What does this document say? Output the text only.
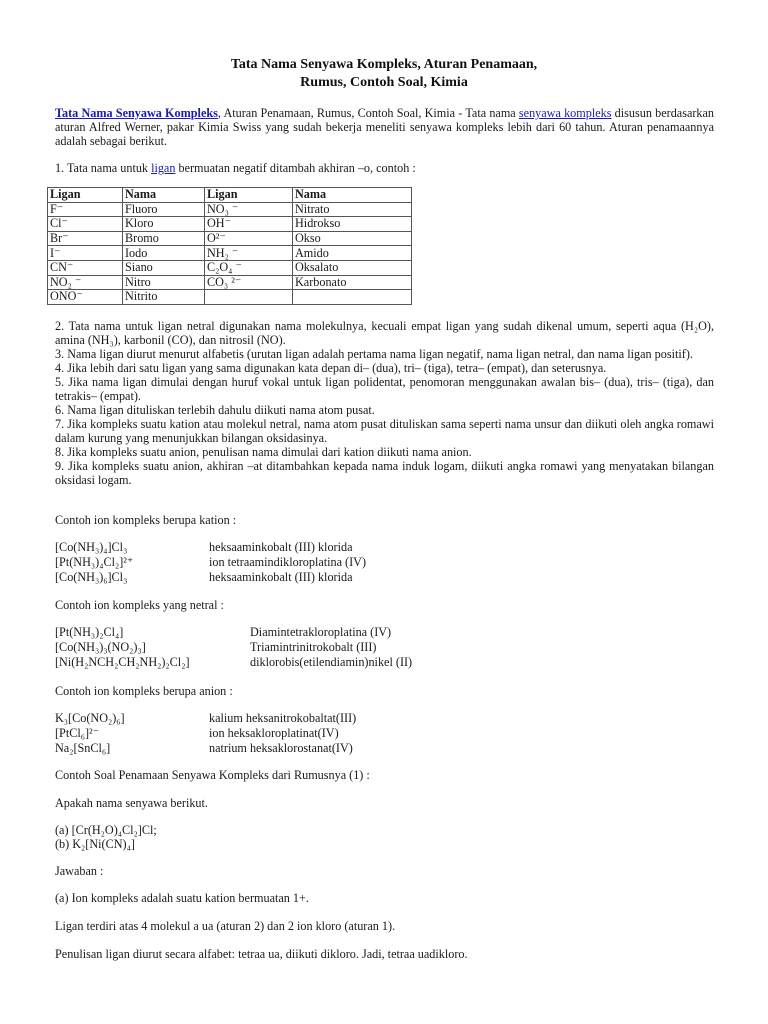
Tata Nama Senyawa Kompleks, Aturan Penamaan,
Rumus, Contoh Soal, Kimia
Tata Nama Senyawa Kompleks, Aturan Penamaan, Rumus, Contoh Soal, Kimia - Tata nama senyawa kompleks disusun berdasarkan aturan Alfred Werner, pakar Kimia Swiss yang sudah bekerja meneliti senyawa kompleks lebih dari 60 tahun. Aturan penamaannya adalah sebagai berikut.
1. Tata nama untuk ligan bermuatan negatif ditambah akhiran –o, contoh :
Ligan	Nama	Ligan	Nama
F⁻	Fluoro	NO₃ ⁻	Nitrato
Cl⁻	Kloro	OH⁻	Hidrokso
Br⁻	Bromo	O²⁻	Okso
I⁻	Iodo	NH₂ ⁻	Amido
CN⁻	Siano	C₂O₄ ⁻	Oksalato
NO₂ ⁻	Nitro	CO₃ ²⁻	Karbonato
ONO⁻	Nitrito		

2. Tata nama untuk ligan netral digunakan nama molekulnya, kecuali empat ligan yang sudah dikenal umum, seperti aqua (H₂O), amina (NH₃), karbonil (CO), dan nitrosil (NO).

3. Nama ligan diurut menurut alfabetis (urutan ligan adalah pertama nama ligan negatif, nama ligan netral, dan nama ligan positif).

4. Jika lebih dari satu ligan yang sama digunakan kata depan di– (dua), tri– (tiga), tetra– (empat), dan seterusnya.

5. Jika nama ligan dimulai dengan huruf vokal untuk ligan polidentat, penomoran menggunakan awalan bis– (dua), tris– (tiga), dan tetrakis– (empat).

6. Nama ligan dituliskan terlebih dahulu diikuti nama atom pusat.

7. Jika kompleks suatu kation atau molekul netral, nama atom pusat dituliskan sama seperti nama unsur dan diikuti oleh angka romawi dalam kurung yang menunjukkan bilangan oksidasinya.

8. Jika kompleks suatu anion, penulisan nama dimulai dari kation diikuti nama anion.

9. Jika kompleks suatu anion, akhiran –at ditambahkan kepada nama induk logam, diikuti angka romawi yang menyatakan bilangan oksidasi logam.

Contoh ion kompleks berupa kation :
[Co(NH₃)₄]Cl₃	heksaaminkobalt (III) klorida
[Pt(NH₃)₄Cl₂]²⁺	ion tetraamindikloroplatina (IV)
[Co(NH₃)₆]Cl₃	heksaaminkobalt (III) klorida
Contoh ion kompleks yang netral :
[Pt(NH₃)₂Cl₄]	Diamintetrakloroplatina (IV)
[Co(NH₃)₃(NO₂)₃]	Triamintrinitrokobalt (III)
[Ni(H₂NCH₂CH₂NH₂)₂Cl₂]	diklorobis(etilendiamin)nikel (II)
Contoh ion kompleks berupa anion :
K₃[Co(NO₂)₆]	kalium heksanitrokobaltat(III)
[PtCl₆]²⁻	ion heksakloroplatinat(IV)
Na₂[SnCl₆]	natrium heksaklorostanat(IV)
Contoh Soal Penamaan Senyawa Kompleks dari Rumusnya (1) :
Apakah nama senyawa berikut.
(a) [Cr(H₂O)₄Cl₂]Cl;
(b) K₂[Ni(CN)₄]
Jawaban :
(a) Ion kompleks adalah suatu kation bermuatan 1+.
Ligan terdiri atas 4 molekul a ua (aturan 2) dan 2 ion kloro (aturan 1).
Penulisan ligan diurut secara alfabet: tetraa ua, diikuti dikloro. Jadi, tetraa uadikloro.
